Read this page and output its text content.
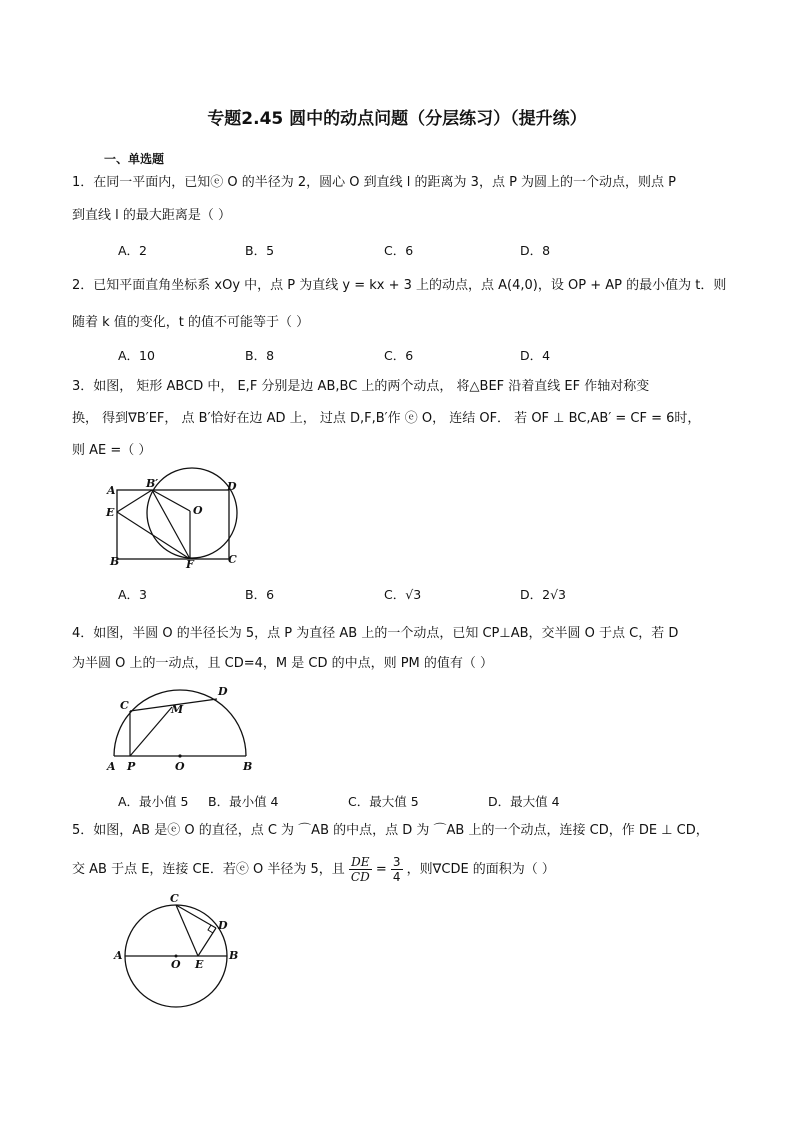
专题2.45 圆中的动点问题（分层练习）（提升练）
一、单选题
1．在同一平面内，已知ⓔ O 的半径为 2，圆心 O 到直线 l 的距离为 3，点 P 为圆上的一个动点，则点 P
到直线 l 的最大距离是（ ）
A．2	B．5	C．6	D．8
2．已知平面直角坐标系 xOy 中，点 P 为直线 y = kx + 3 上的动点，点 A(4,0)，设 OP + AP 的最小值为 t．则
随着 k 值的变化，t 的值不可能等于（ ）
A．10	B．8	C．6	D．4
3．如图， 矩形 ABCD 中， E,F 分别是边 AB,BC 上的两个动点， 将△BEF 沿着直线 EF 作轴对称变
换， 得到∇B′EF， 点 B′恰好在边 AD 上， 过点 D,F,B′作 ⓔ O， 连结 OF． 若 OF ⊥ BC,AB′ = CF = 6时，
则 AE =（ ）
A
B′	D
E	O
B	F	C
A．3	B．6	C．√3	D．2√3
4．如图，半圆 O 的半径长为 5，点 P 为直径 AB 上的一个动点，已知 CP⊥AB，交半圆 O 于点 C，若 D
为半圆 O 上的一动点，且 CD=4，M 是 CD 的中点，则 PM 的值有（ ）
C
D
M
A P	O	B
A．最小值 5 B．最小值 4	C．最大值 5	D．最大值 4
5．如图，AB 是ⓔ O 的直径，点 C 为 ⌒AB 的中点，点 D 为 ⌒AB 上的一个动点，连接 CD，作 DE ⊥ CD，
交 AB 于点 E，连接 CE．若ⓔ O 半径为 5，且 $\frac{DE}{CD} = \frac{3}{4}$ ，则∇CDE 的面积为（ ）
C
D
A
O E
B
